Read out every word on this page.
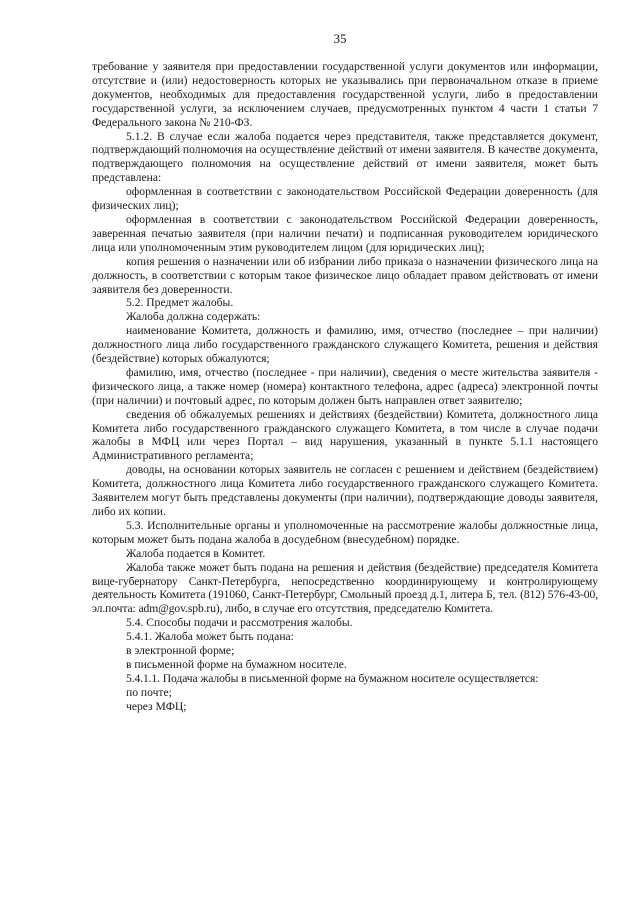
35

требование у заявителя при предоставлении государственной услуги документов или информации, отсутствие и (или) недостоверность которых не указывались при первоначальном отказе в приеме документов, необходимых для предоставления государственной услуги, либо в предоставлении государственной услуги, за исключением случаев, предусмотренных пунктом 4 части 1 статьи 7 Федерального закона № 210-ФЗ.

5.1.2. В случае если жалоба подается через представителя, также представляется документ, подтверждающий полномочия на осуществление действий от имени заявителя. В качестве документа, подтверждающего полномочия на осуществление действий от имени заявителя, может быть представлена:

оформленная в соответствии с законодательством Российской Федерации доверенность (для физических лиц);

оформленная в соответствии с законодательством Российской Федерации доверенность, заверенная печатью заявителя (при наличии печати) и подписанная руководителем юридического лица или уполномоченным этим руководителем лицом (для юридических лиц);

копия решения о назначении или об избрании либо приказа о назначении физического лица на должность, в соответствии с которым такое физическое лицо обладает правом действовать от имени заявителя без доверенности.

5.2. Предмет жалобы.

Жалоба должна содержать:

наименование Комитета, должность и фамилию, имя, отчество (последнее – при наличии) должностного лица либо государственного гражданского служащего Комитета, решения и действия (бездействие) которых обжалуются;

фамилию, имя, отчество (последнее - при наличии), сведения о месте жительства заявителя - физического лица, а также номер (номера) контактного телефона, адрес (адреса) электронной почты (при наличии) и почтовый адрес, по которым должен быть направлен ответ заявителю;

сведения об обжалуемых решениях и действиях (бездействии) Комитета, должностного лица Комитета либо государственного гражданского служащего Комитета, в том числе в случае подачи жалобы в МФЦ или через Портал – вид нарушения, указанный в пункте 5.1.1 настоящего Административного регламента;

доводы, на основании которых заявитель не согласен с решением и действием (бездействием) Комитета, должностного лица Комитета либо государственного гражданского служащего Комитета. Заявителем могут быть представлены документы (при наличии), подтверждающие доводы заявителя, либо их копии.

5.3. Исполнительные органы и уполномоченные на рассмотрение жалобы должностные лица, которым может быть подана жалоба в досудебном (внесудебном) порядке.

Жалоба подается в Комитет.

Жалоба также может быть подана на решения и действия (бездействие) председателя Комитета вице-губернатору Санкт-Петербурга, непосредственно координирующему и контролирующему деятельность Комитета (191060, Санкт-Петербург, Смольный проезд д.1, литера Б, тел. (812) 576-43-00, эл.почта: adm@gov.spb.ru), либо, в случае его отсутствия, председателю Комитета.

5.4. Способы подачи и рассмотрения жалобы.

5.4.1. Жалоба может быть подана:

в электронной форме;

в письменной форме на бумажном носителе.

5.4.1.1. Подача жалобы в письменной форме на бумажном носителе осуществляется:

по почте;

через МФЦ;
